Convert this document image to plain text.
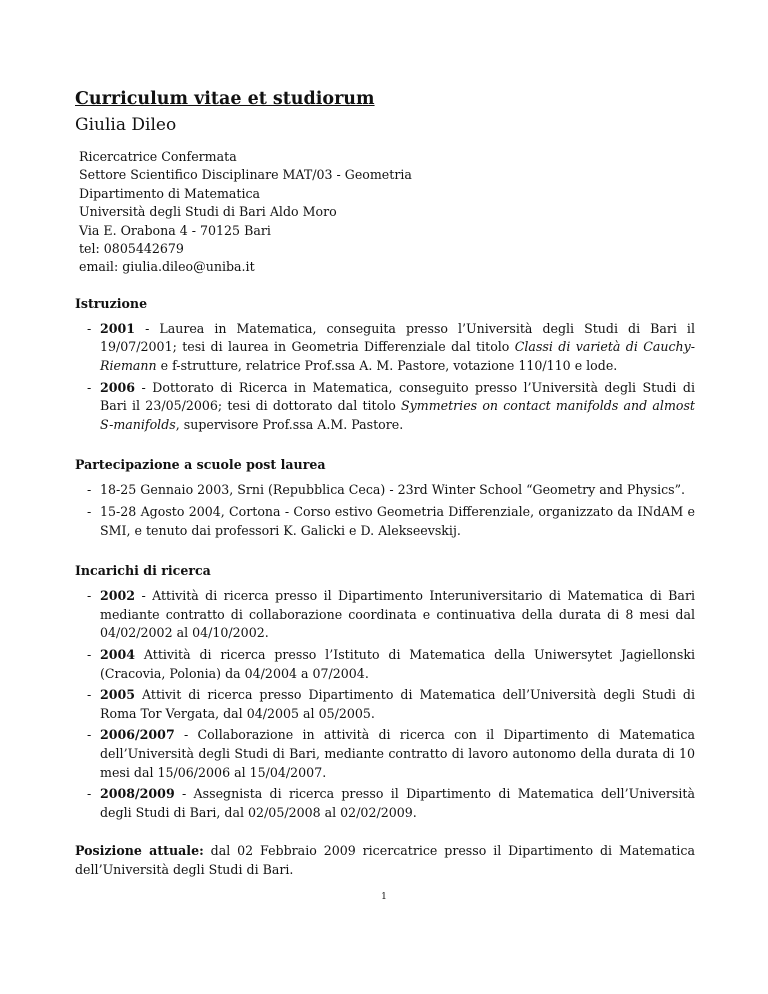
Curriculum vitae et studiorum
Giulia Dileo
Ricercatrice Confermata
Settore Scientifico Disciplinare MAT/03 - Geometria
Dipartimento di Matematica
Università degli Studi di Bari Aldo Moro
Via E. Orabona 4 - 70125 Bari
tel: 0805442679
email: giulia.dileo@uniba.it
Istruzione
- 2001 - Laurea in Matematica, conseguita presso l’Università degli Studi di Bari il 19/07/2001; tesi di laurea in Geometria Differenziale dal titolo Classi di varietà di Cauchy- Riemann e f-strutture, relatrice Prof.ssa A. M. Pastore, votazione 110/110 e lode.
- 2006 - Dottorato di Ricerca in Matematica, conseguito presso l’Università degli Studi di Bari il 23/05/2006; tesi di dottorato dal titolo Symmetries on contact manifolds and almost S-manifolds, supervisore Prof.ssa A.M. Pastore.
Partecipazione a scuole post laurea
- 18-25 Gennaio 2003, Srni (Repubblica Ceca) - 23rd Winter School “Geometry and Physics”.
- 15-28 Agosto 2004, Cortona - Corso estivo Geometria Differenziale, organizzato da INdAM e SMI, e tenuto dai professori K. Galicki e D. Alekseevskij.
Incarichi di ricerca
- 2002 - Attività di ricerca presso il Dipartimento Interuniversitario di Matematica di Bari mediante contratto di collaborazione coordinata e continuativa della durata di 8 mesi dal 04/02/2002 al 04/10/2002.
- 2004 Attività di ricerca presso l’Istituto di Matematica della Uniwersytet Jagiellonski (Cracovia, Polonia) da 04/2004 a 07/2004.
- 2005 Attivit di ricerca presso Dipartimento di Matematica dell’Università degli Studi di Roma Tor Vergata, dal 04/2005 al 05/2005.
- 2006/2007 - Collaborazione in attività di ricerca con il Dipartimento di Matematica dell’Università degli Studi di Bari, mediante contratto di lavoro autonomo della durata di 10 mesi dal 15/06/2006 al 15/04/2007.
- 2008/2009 - Assegnista di ricerca presso il Dipartimento di Matematica dell’Università degli Studi di Bari, dal 02/05/2008 al 02/02/2009.
Posizione attuale: dal 02 Febbraio 2009 ricercatrice presso il Dipartimento di Matematica dell’Università degli Studi di Bari.
1
